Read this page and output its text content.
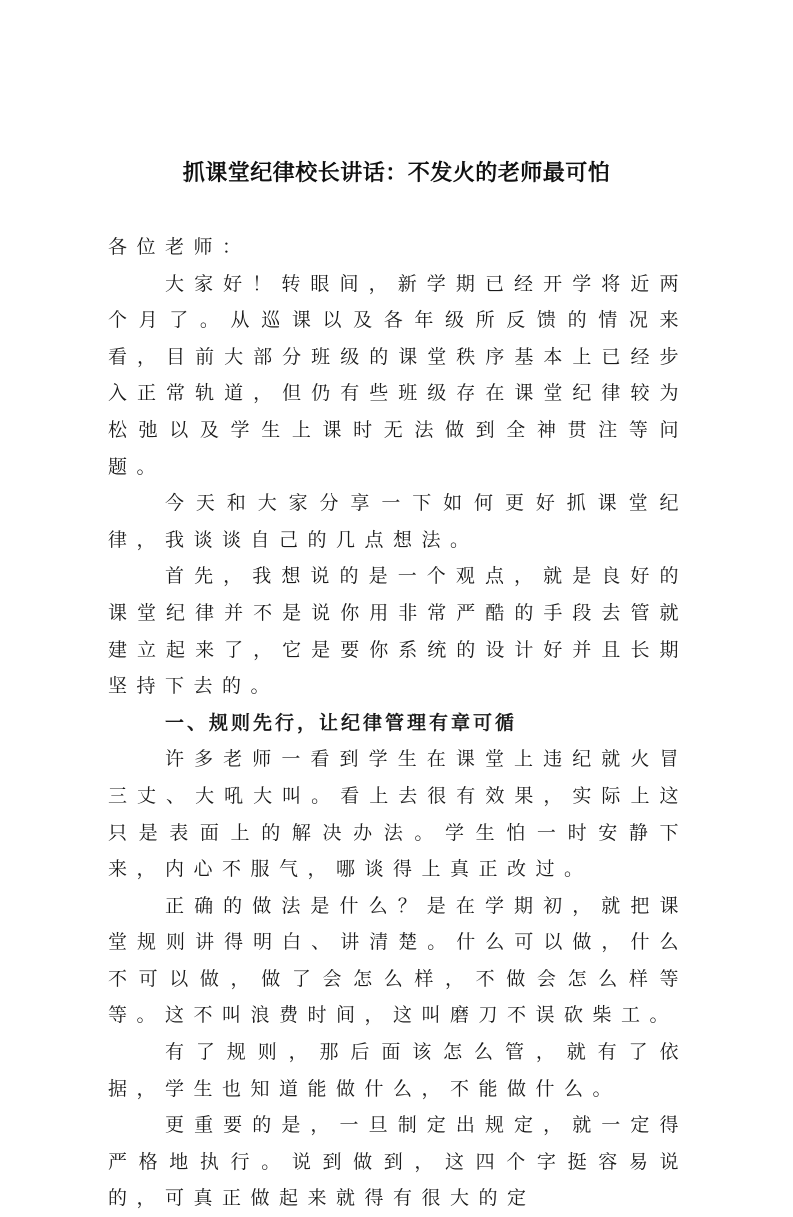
抓课堂纪律校长讲话：不发火的老师最可怕

各位老师：

大家好！转眼间，新学期已经开学将近两个月了。从巡课以及各年级所反馈的情况来看，目前大部分班级的课堂秩序基本上已经步入正常轨道，但仍有些班级存在课堂纪律较为松弛以及学生上课时无法做到全神贯注等问题。

今天和大家分享一下如何更好抓课堂纪律，我谈谈自己的几点想法。

首先，我想说的是一个观点，就是良好的课堂纪律并不是说你用非常严酷的手段去管就建立起来了，它是要你系统的设计好并且长期坚持下去的。

一、规则先行，让纪律管理有章可循

许多老师一看到学生在课堂上违纪就火冒三丈、大吼大叫。看上去很有效果，实际上这只是表面上的解决办法。学生怕一时安静下来，内心不服气，哪谈得上真正改过。

正确的做法是什么？是在学期初，就把课堂规则讲得明白、讲清楚。什么可以做，什么不可以做，做了会怎么样，不做会怎么样等等。这不叫浪费时间，这叫磨刀不误砍柴工。

有了规则，那后面该怎么管，就有了依据，学生也知道能做什么，不能做什么。

更重要的是，一旦制定出规定，就一定得严格地执行。说到做到，这四个字挺容易说的，可真正做起来就得有很大的定
